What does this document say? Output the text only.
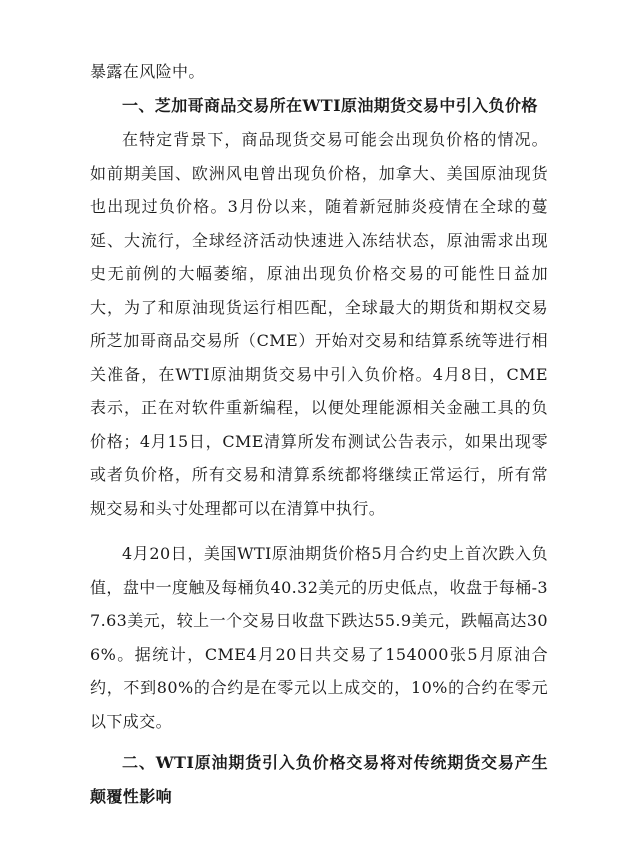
暴露在风险中。
一、芝加哥商品交易所在WTI原油期货交易中引入负价格
在特定背景下，商品现货交易可能会出现负价格的情况。如前期美国、欧洲风电曾出现负价格，加拿大、美国原油现货也出现过负价格。3月份以来，随着新冠肺炎疫情在全球的蔓延、大流行，全球经济活动快速进入冻结状态，原油需求出现史无前例的大幅萎缩，原油出现负价格交易的可能性日益加大，为了和原油现货运行相匹配，全球最大的期货和期权交易所芝加哥商品交易所（CME）开始对交易和结算系统等进行相关准备，在WTI原油期货交易中引入负价格。4月8日，CME表示，正在对软件重新编程，以便处理能源相关金融工具的负价格；4月15日，CME清算所发布测试公告表示，如果出现零或者负价格，所有交易和清算系统都将继续正常运行，所有常规交易和头寸处理都可以在清算中执行。
4月20日，美国WTI原油期货价格5月合约史上首次跌入负值，盘中一度触及每桶负40.32美元的历史低点，收盘于每桶-37.63美元，较上一个交易日收盘下跌达55.9美元，跌幅高达306%。据统计，CME4月20日共交易了154000张5月原油合约，不到80%的合约是在零元以上成交的，10%的合约在零元以下成交。
二、WTI原油期货引入负价格交易将对传统期货交易产生颠覆性影响
